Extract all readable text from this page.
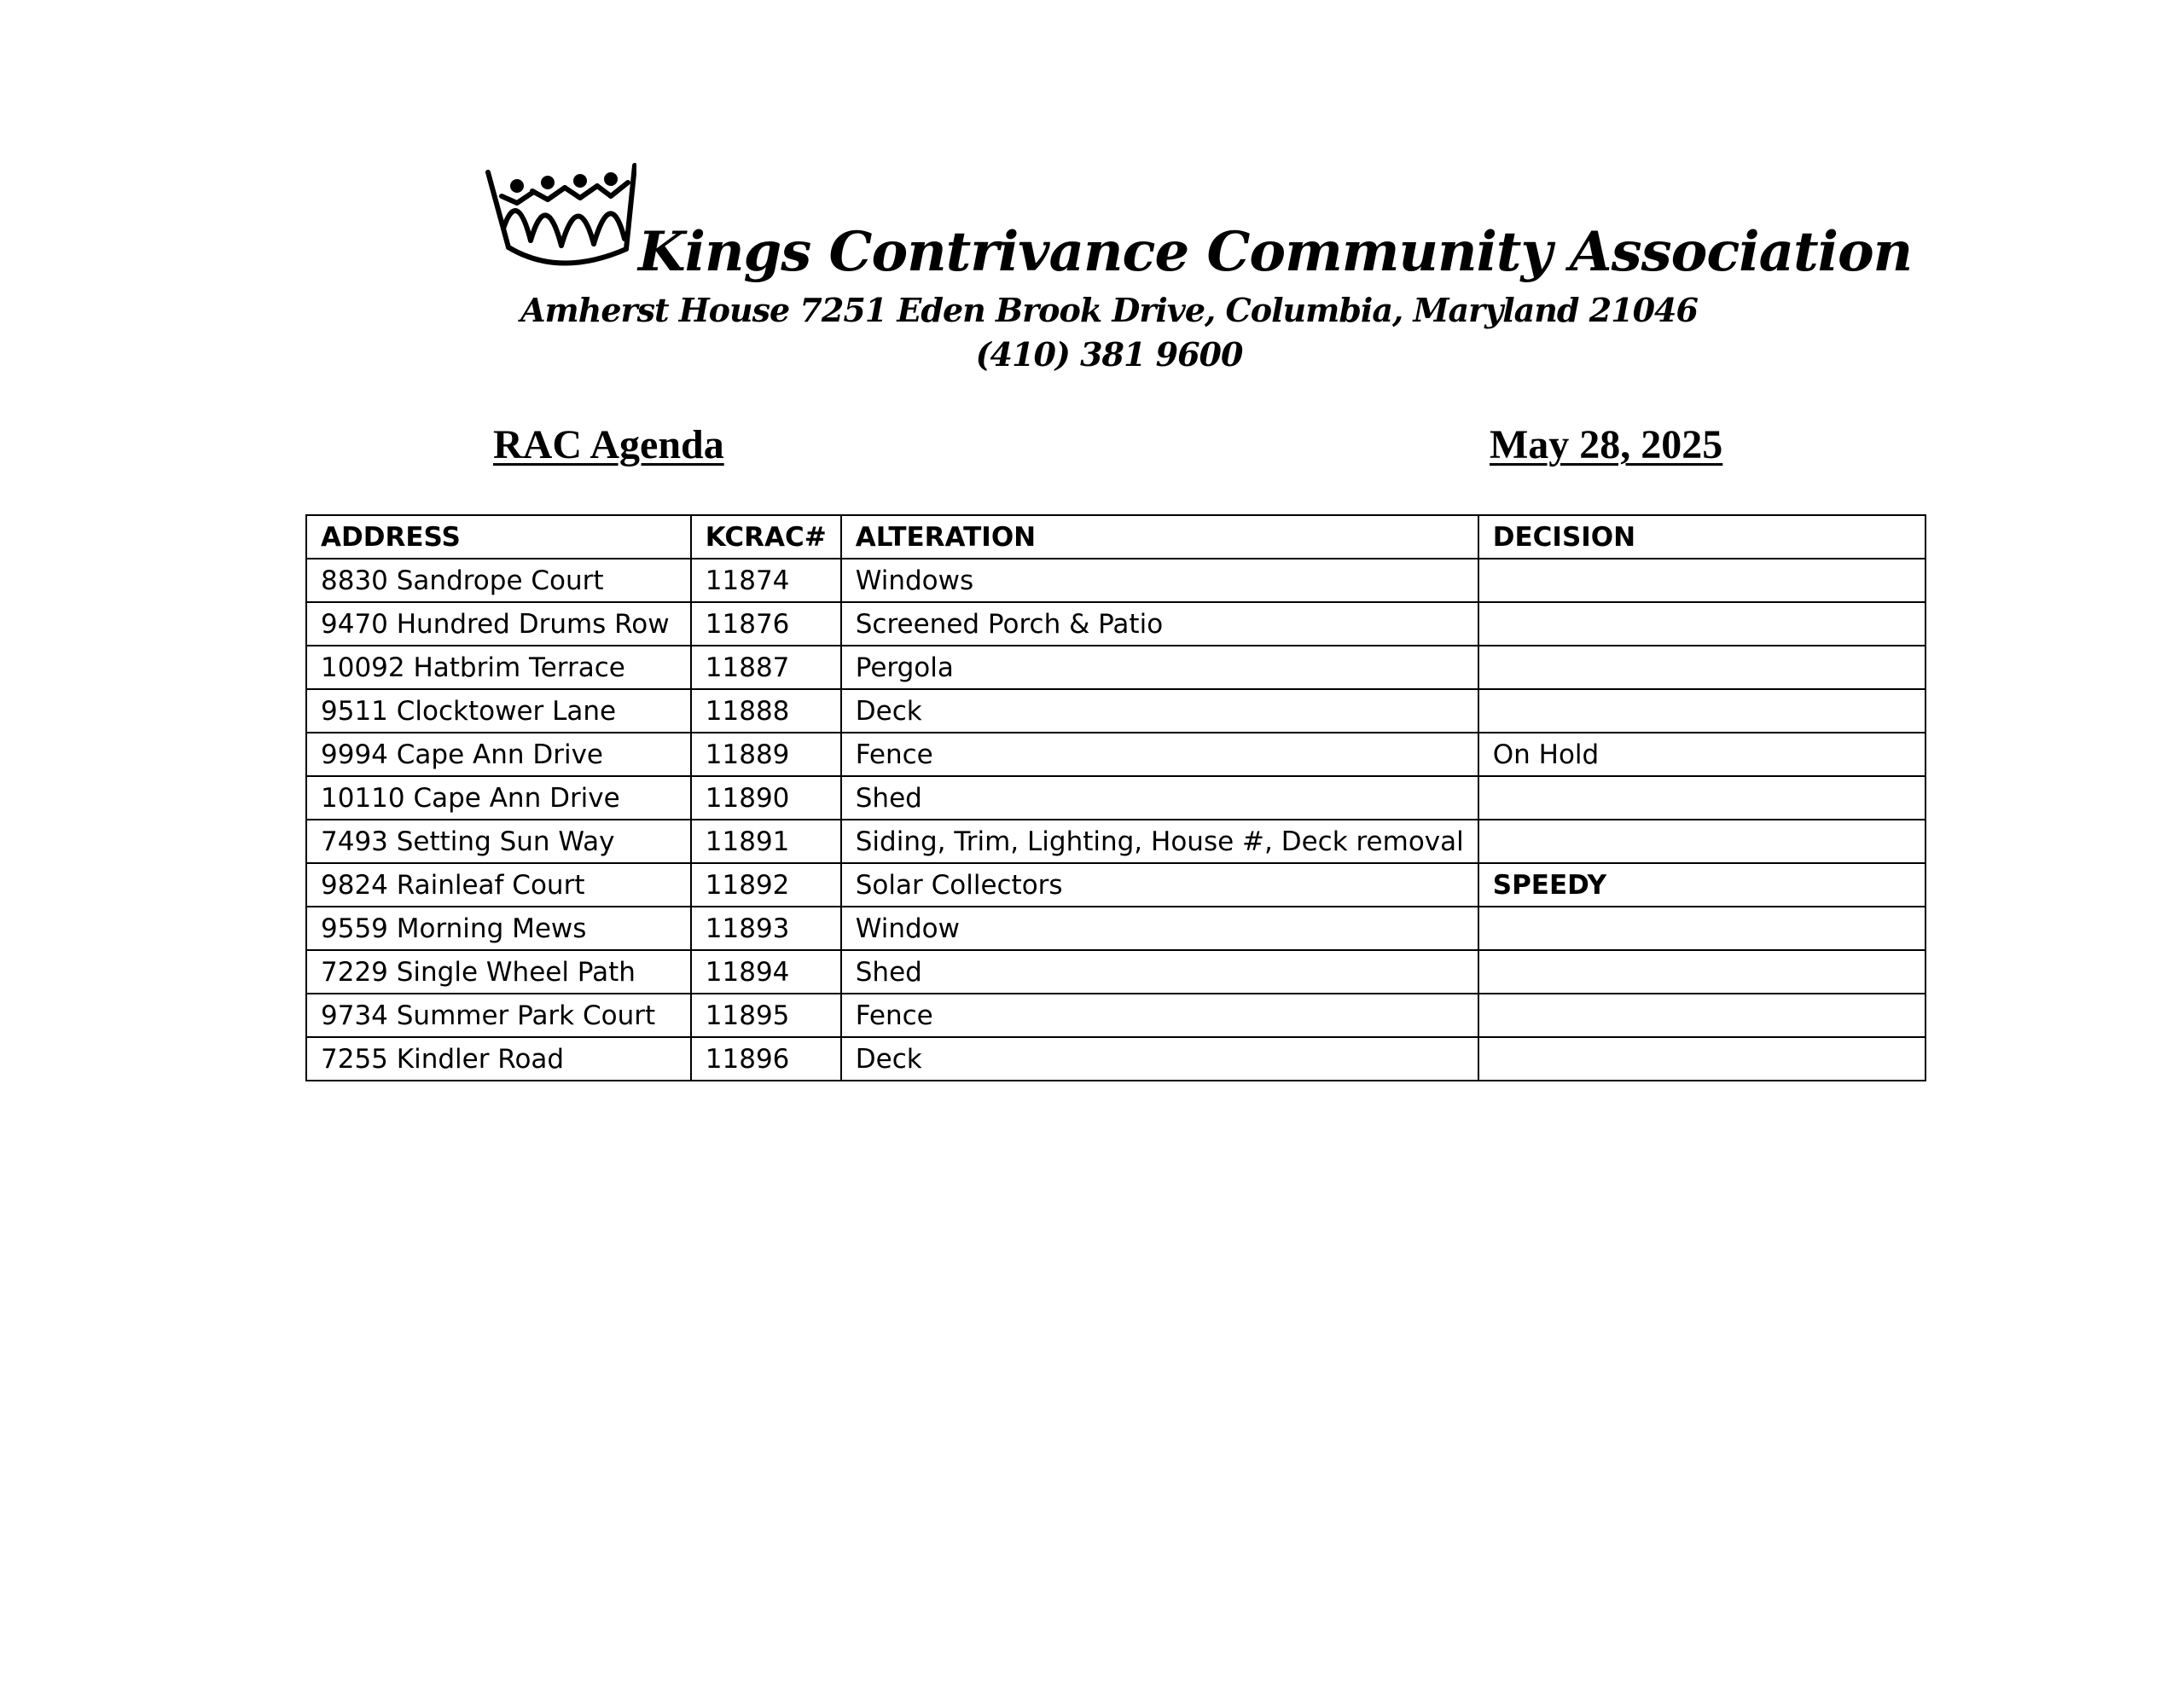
Kings Contrivance Community Association
Amherst House 7251 Eden Brook Drive, Columbia, Maryland 21046
(410) 381 9600
RAC Agenda	May 28, 2025
ADDRESS	KCRAC#	ALTERATION	DECISION
8830 Sandrope Court	11874	Windows	
9470 Hundred Drums Row	11876	Screened Porch & Patio	
10092 Hatbrim Terrace	11887	Pergola	
9511 Clocktower Lane	11888	Deck	
9994 Cape Ann Drive	11889	Fence	On Hold
10110 Cape Ann Drive	11890	Shed	
7493 Setting Sun Way	11891	Siding, Trim, Lighting, House #, Deck removal	
9824 Rainleaf Court	11892	Solar Collectors	SPEEDY
9559 Morning Mews	11893	Window	
7229 Single Wheel Path	11894	Shed	
9734 Summer Park Court	11895	Fence	
7255 Kindler Road	11896	Deck	
